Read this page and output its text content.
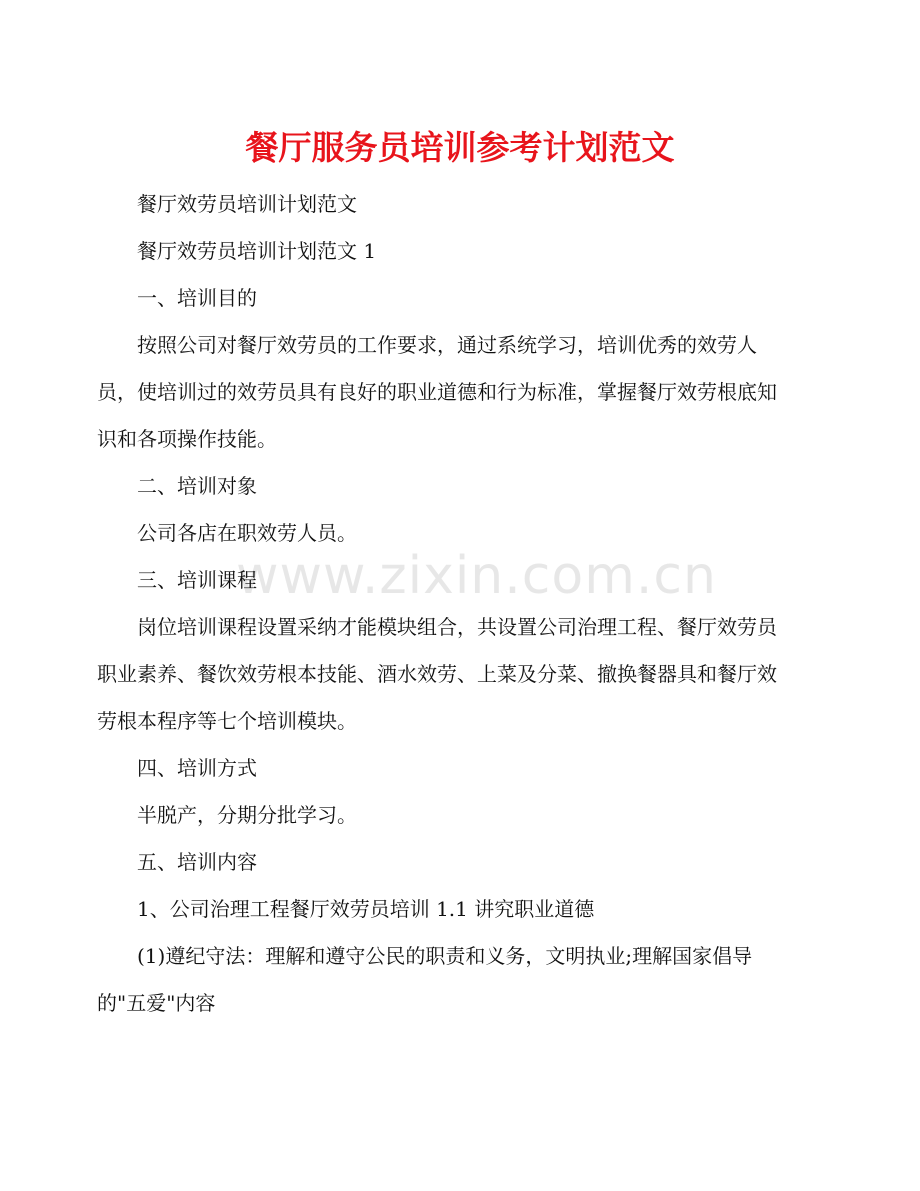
www.zixin.com.cn
餐厅服务员培训参考计划范文
餐厅效劳员培训计划范文
餐厅效劳员培训计划范文 1
一、培训目的
按照公司对餐厅效劳员的工作要求，通过系统学习，培训优秀的效劳人员，使培训过的效劳员具有良好的职业道德和行为标准，掌握餐厅效劳根底知识和各项操作技能。
二、培训对象
公司各店在职效劳人员。
三、培训课程
岗位培训课程设置采纳才能模块组合，共设置公司治理工程、餐厅效劳员职业素养、餐饮效劳根本技能、酒水效劳、上菜及分菜、撤换餐器具和餐厅效劳根本程序等七个培训模块。
四、培训方式
半脱产，分期分批学习。
五、培训内容
1、公司治理工程餐厅效劳员培训 1.1 讲究职业道德
(1)遵纪守法：理解和遵守公民的职责和义务，文明执业;理解国家倡导的"五爱"内容
